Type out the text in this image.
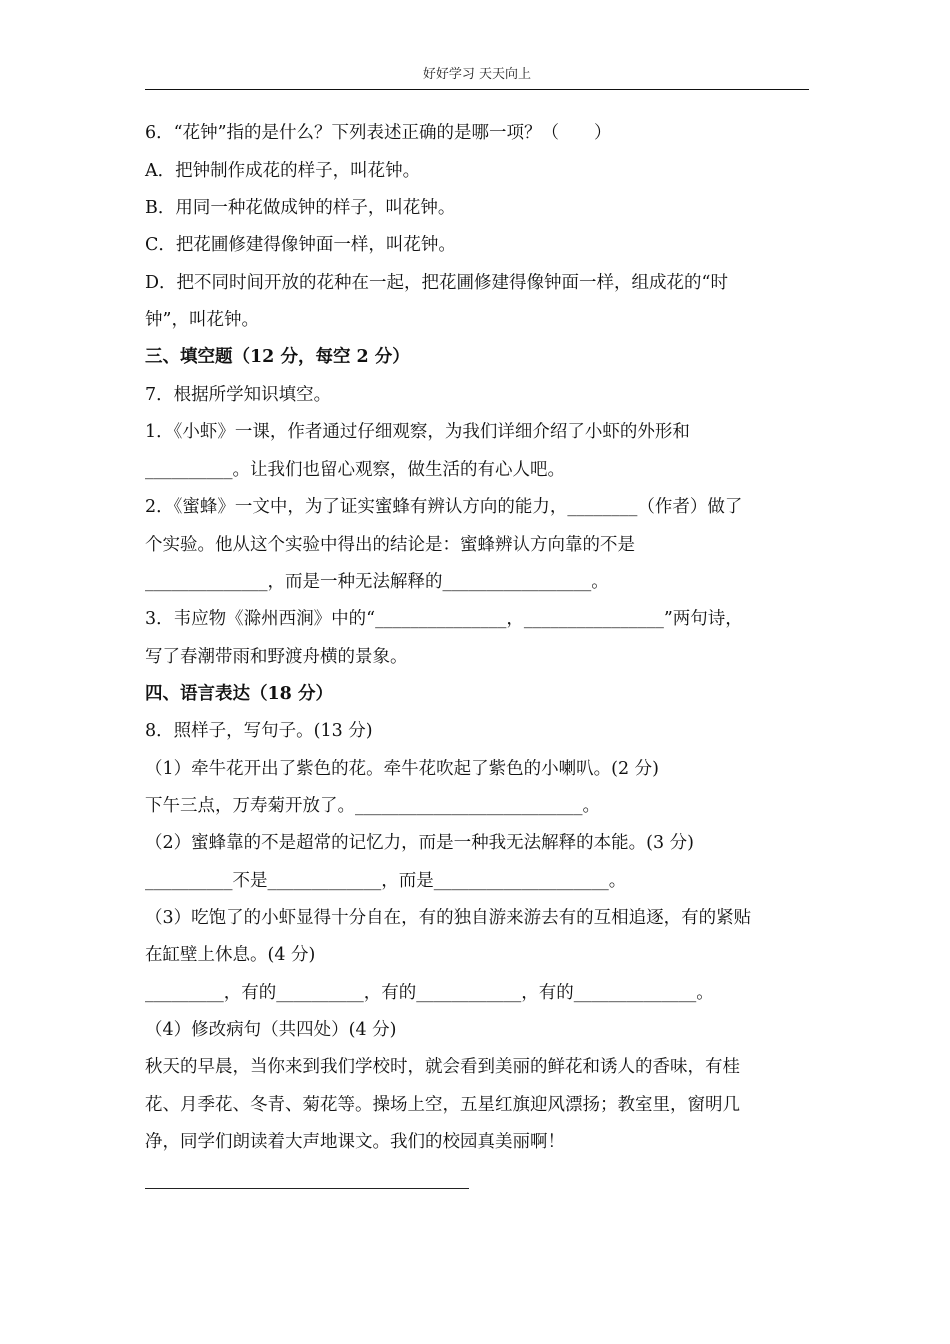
好好学习 天天向上
6．“花钟”指的是什么？下列表述正确的是哪一项？（　　）
A．把钟制作成花的样子，叫花钟。
B．用同一种花做成钟的样子，叫花钟。
C．把花圃修建得像钟面一样，叫花钟。
D．把不同时间开放的花种在一起，把花圃修建得像钟面一样，组成花的“时
钟”，叫花钟。
三、填空题（12 分，每空 2 分）
7．根据所学知识填空。
1．《小虾》一课，作者通过仔细观察，为我们详细介绍了小虾的外形和
__________。让我们也留心观察，做生活的有心人吧。
2．《蜜蜂》一文中，为了证实蜜蜂有辨认方向的能力，________（作者）做了
个实验。他从这个实验中得出的结论是：蜜蜂辨认方向靠的不是
______________，而是一种无法解释的_________________。
3．韦应物《滁州西涧》中的“_______________，________________”两句诗，
写了春潮带雨和野渡舟横的景象。
四、语言表达（18 分）
8．照样子，写句子。(13 分)
（1）牵牛花开出了紫色的花。牵牛花吹起了紫色的小喇叭。(2 分)
下午三点，万寿菊开放了。__________________________。
（2）蜜蜂靠的不是超常的记忆力，而是一种我无法解释的本能。(3 分)
__________不是_____________，而是____________________。
（3）吃饱了的小虾显得十分自在，有的独自游来游去有的互相追逐，有的紧贴
在缸壁上休息。(4 分)
_________，有的__________，有的____________，有的______________。
（4）修改病句（共四处）(4 分)
秋天的早晨，当你来到我们学校时，就会看到美丽的鲜花和诱人的香味，有桂
花、月季花、冬青、菊花等。操场上空，五星红旗迎风漂扬；教室里，窗明几
净，同学们朗读着大声地课文。我们的校园真美丽啊！
